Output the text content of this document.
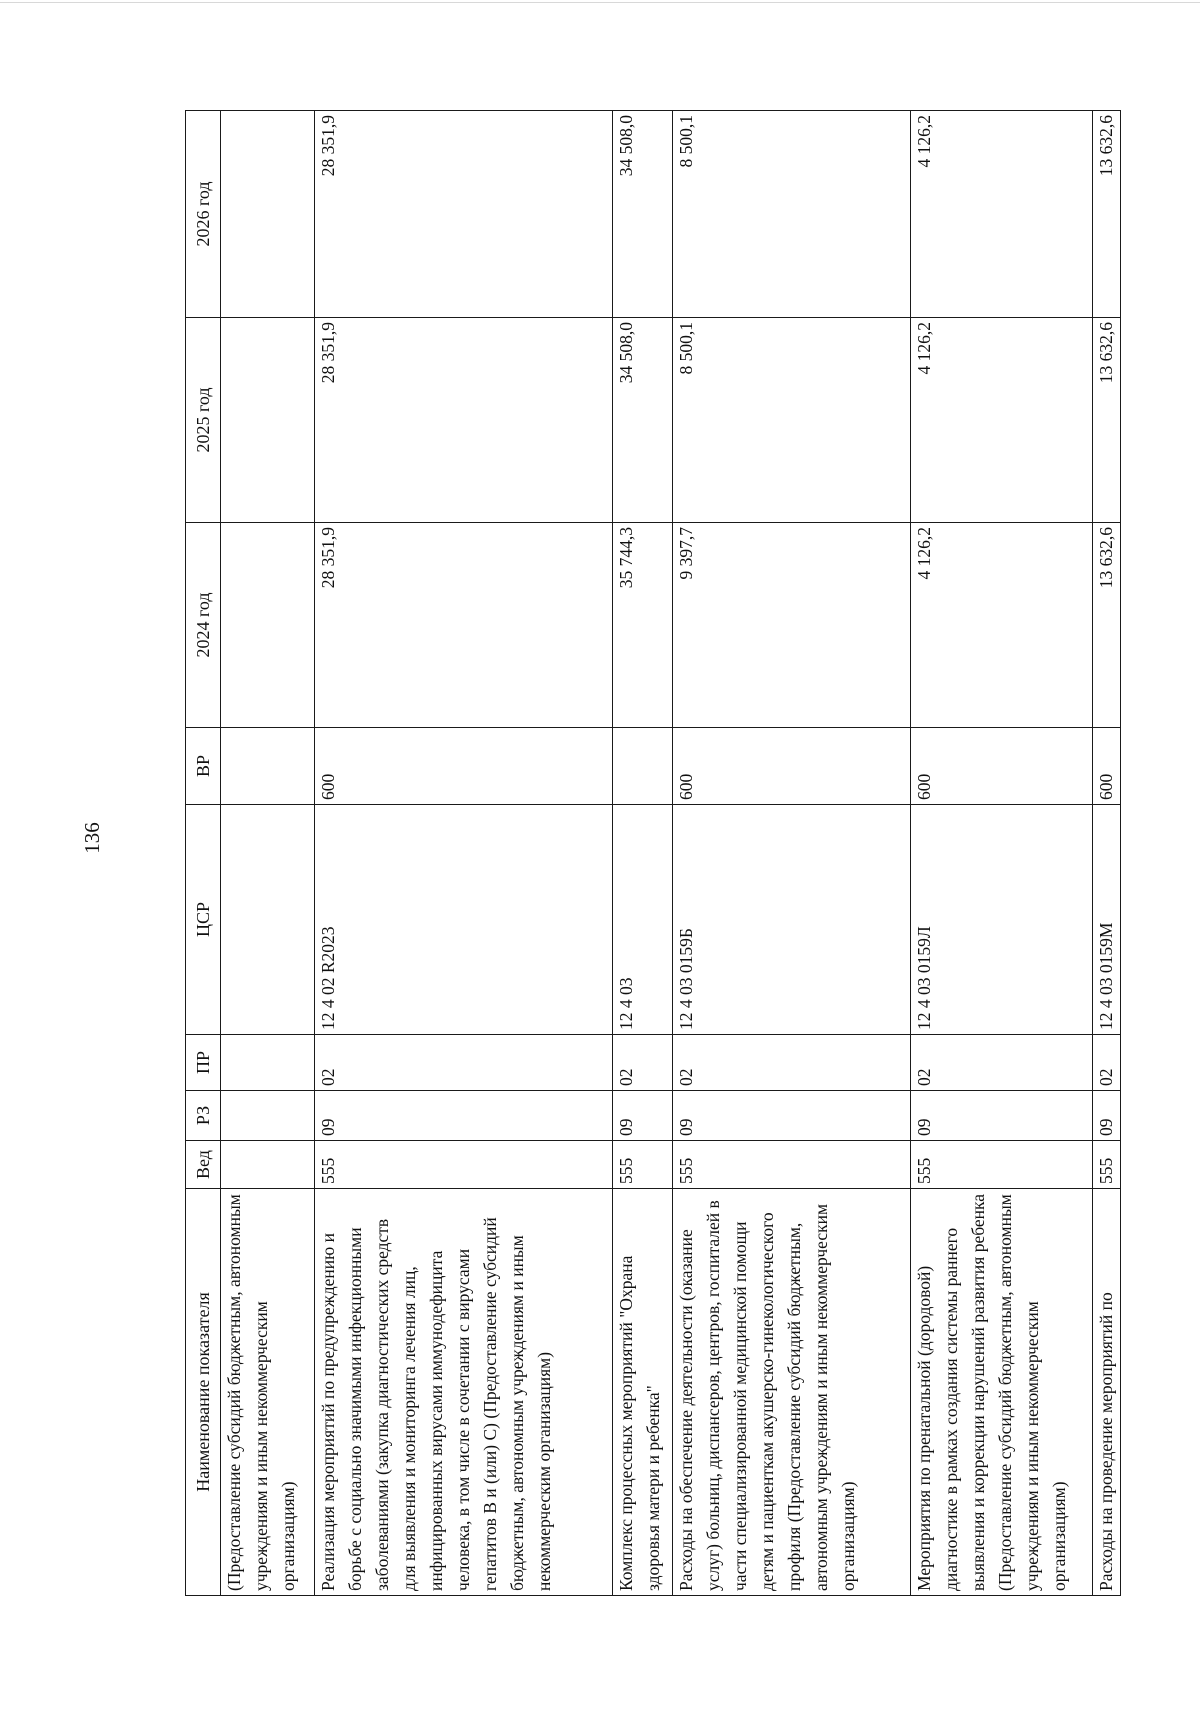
136
Наименование показателя	Вед	РЗ	ПР	ЦСР	ВР	2024 год	2025 год	2026 год
(Предоставление субсидий бюджетным, автономным учреждениям и иным некоммерческим организациям)								
Реализация мероприятий по предупреждению и борьбе с социально значимыми инфекционными заболеваниями (закупка диагностических средств для выявления и мониторинга лечения лиц, инфицированных вирусами иммунодефицита человека, в том числе в сочетании с вирусами гепатитов B и (или) C) (Предоставление субсидий бюджетным, автономным учреждениям и иным некоммерческим организациям)	555	09	02	12 4 02 R2023	600	28 351,9	28 351,9	28 351,9
Комплекс процессных мероприятий "Охрана здоровья матери и ребенка"	555	09	02	12 4 03		35 744,3	34 508,0	34 508,0
Расходы на обеспечение деятельности (оказание услуг) больниц, диспансеров, центров, госпиталей в части специализированной медицинской помощи детям и пациенткам акушерско-гинекологического профиля (Предоставление субсидий бюджетным, автономным учреждениям и иным некоммерческим организациям)	555	09	02	12 4 03 0159Б	600	9 397,7	8 500,1	8 500,1
Мероприятия по пренатальной (дородовой) диагностике в рамках создания системы раннего выявления и коррекции нарушений развития ребенка (Предоставление субсидий бюджетным, автономным учреждениям и иным некоммерческим организациям)	555	09	02	12 4 03 0159Л	600	4 126,2	4 126,2	4 126,2
Расходы на проведение мероприятий по	555	09	02	12 4 03 0159М	600	13 632,6	13 632,6	13 632,6
